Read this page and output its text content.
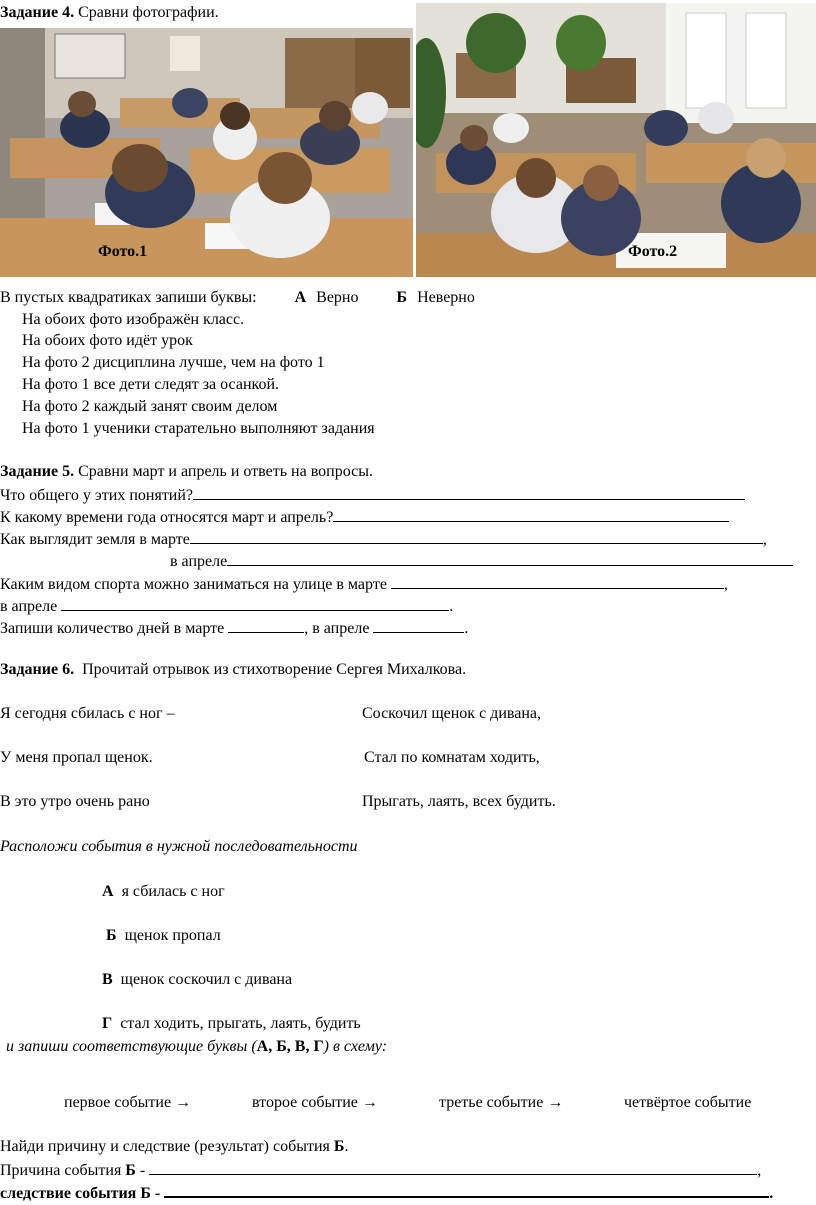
Задание 4. Сравни фотографии.
Фото.1	Фото.2
В пустых квадратиках запиши буквы: А Верно Б Неверно
На обоих фото изображён класс.
На обоих фото идёт урок
На фото 2 дисциплина лучше, чем на фото 1
На фото 1 все дети следят за осанкой.
На фото 2 каждый занят своим делом
На фото 1 ученики старательно выполняют задания
Задание 5. Сравни март и апрель и ответь на вопросы.
Что общего у этих понятий?
К какому времени года относятся март и апрель?
Как выглядит земля в марте	,
в апреле
Каким видом спорта можно заниматься на улице в марте	,
в апреле	.
Запиши количество дней в марте	, в апреле	.
Задание 6. Прочитай отрывок из стихотворение Сергея Михалкова.
Я сегодня сбилась с ног –	Соскочил щенок с дивана,
У меня пропал щенок.	Стал по комнатам ходить,
В это утро очень рано	Прыгать, лаять, всех будить.
Расположи события в нужной последовательности
А я сбилась с ног
Б щенок пропал
В щенок соскочил с дивана
Г стал ходить, прыгать, лаять, будить
и запиши соответствующие буквы (А, Б, В, Г) в схему:
первое событие →	второе событие →	третье событие →	четвёртое событие
Найди причину и следствие (результат) события Б.
Причина события Б -	,
следствие события Б -	.
